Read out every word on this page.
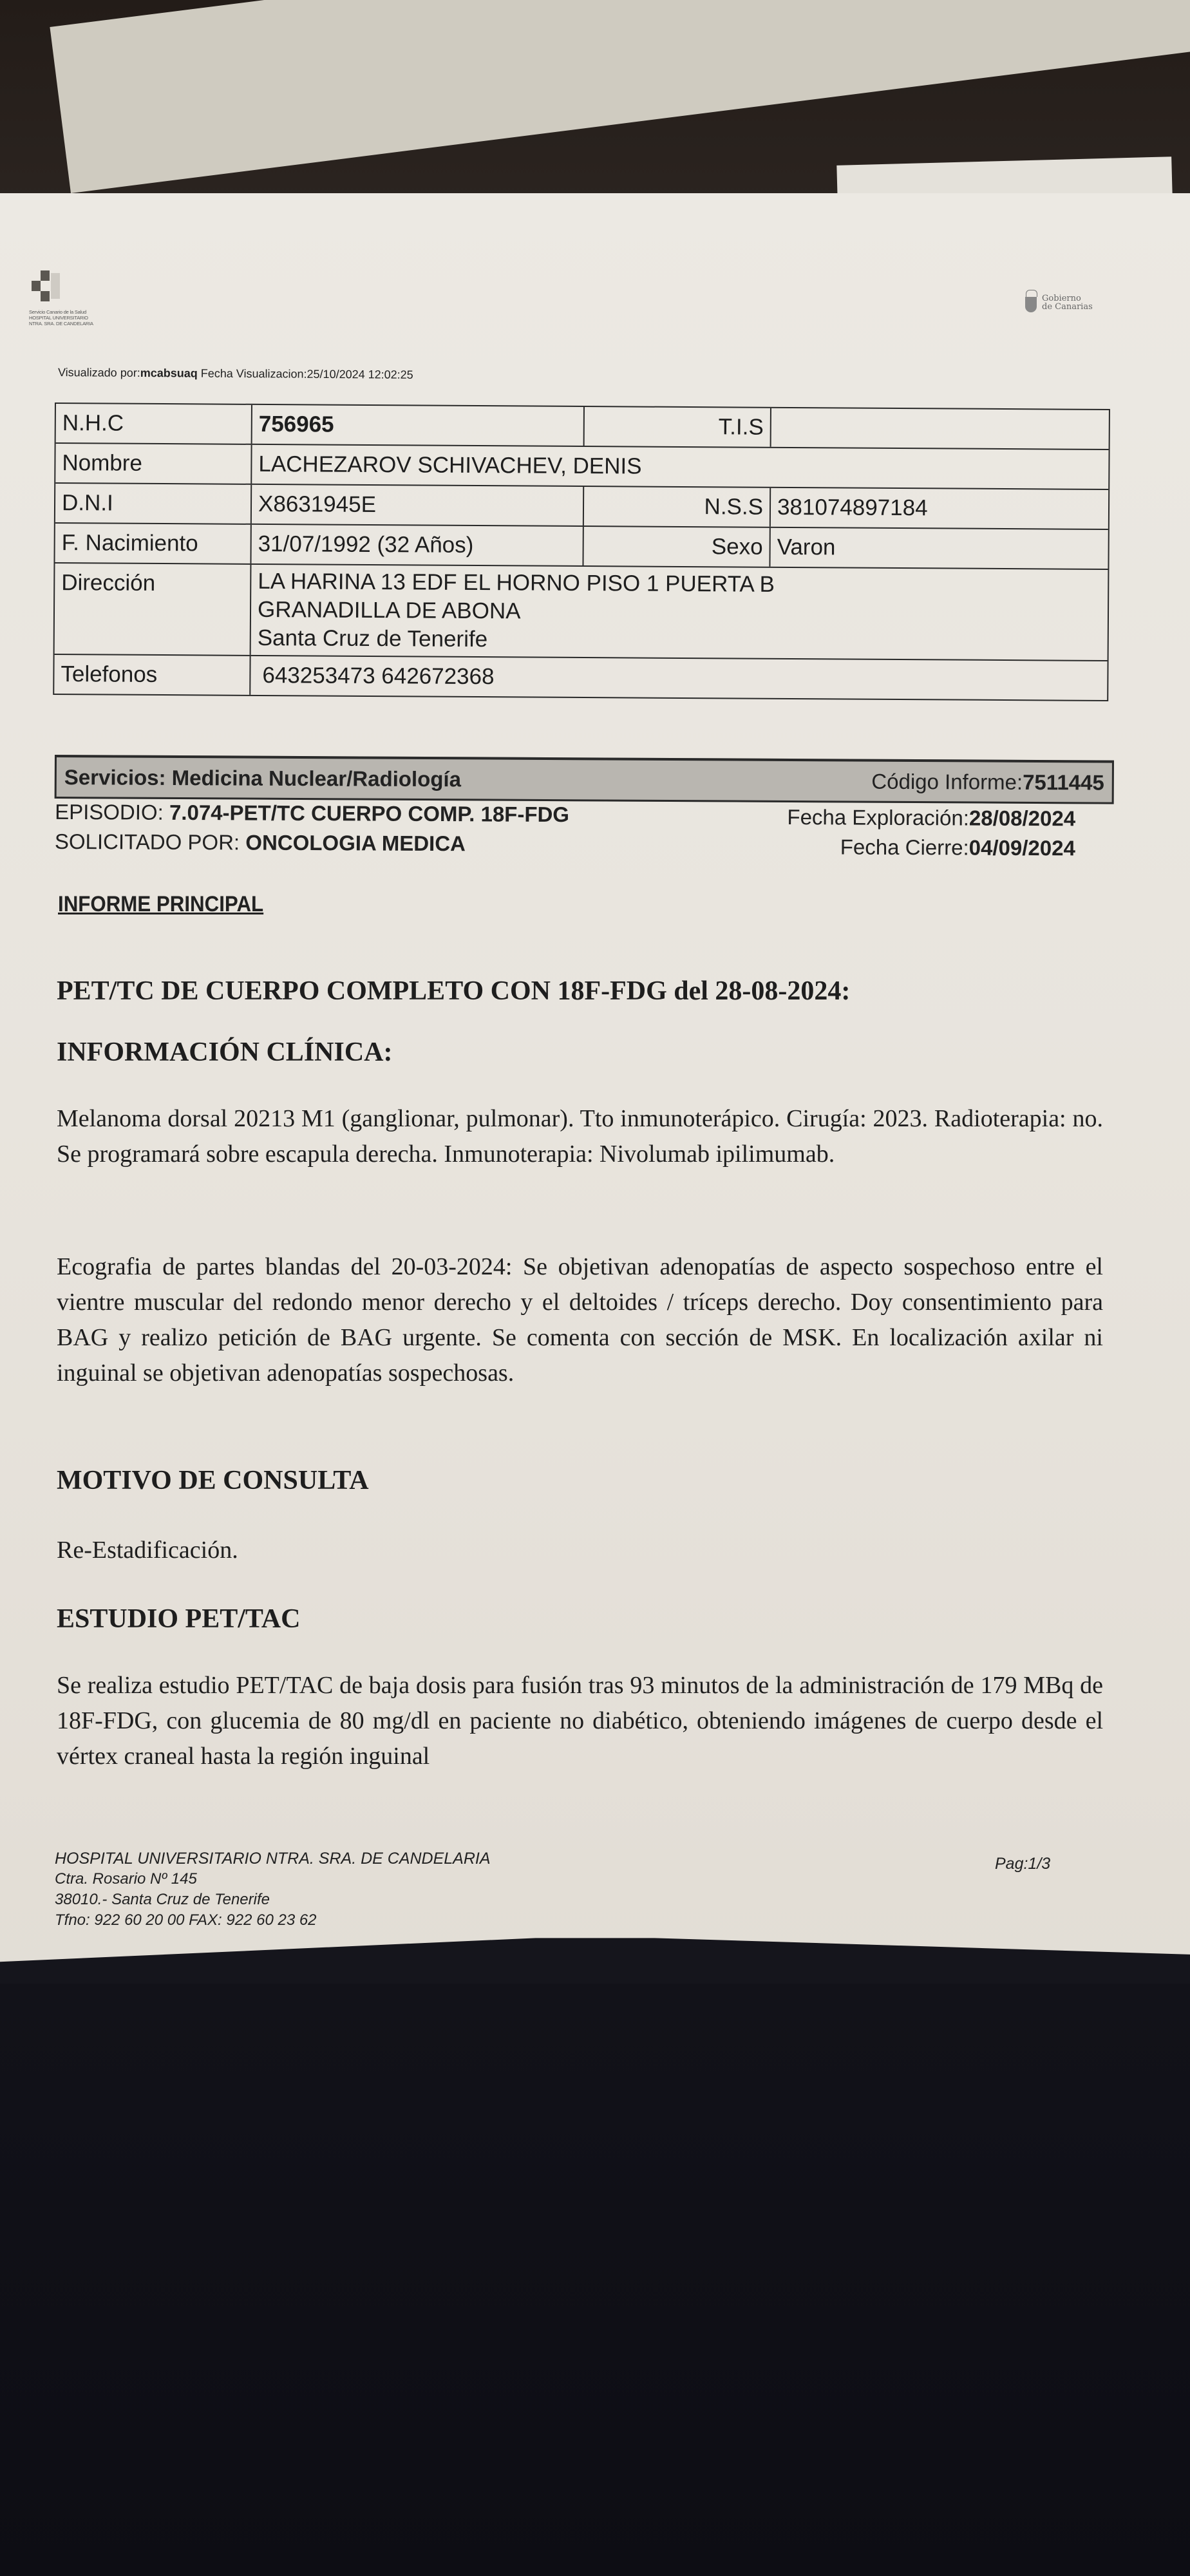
Servicio Canario de la Salud
HOSPITAL UNIVERSITARIO
NTRA. SRA. DE CANDELARIA
Gobierno
de Canarias
Visualizado por:mcabsuaq Fecha Visualizacion:25/10/2024 12:02:25
N.H.C	756965	T.I.S
Nombre	LACHEZAROV SCHIVACHEV, DENIS
D.N.I	X8631945E	N.S.S 381074897184
F. Nacimiento	31/07/1992 (32 Años)	Sexo Varon
Dirección	LA HARINA 13 EDF EL HORNO PISO 1 PUERTA B
GRANADILLA DE ABONA
Santa Cruz de Tenerife
Telefonos	643253473 642672368
Servicios: Medicina Nuclear/Radiología	Código Informe:7511445
EPISODIO: 7.074-PET/TC CUERPO COMP. 18F-FDG
SOLICITADO POR: ONCOLOGIA MEDICA
Fecha Exploración:28/08/2024
Fecha Cierre:04/09/2024
INFORME PRINCIPAL
PET/TC DE CUERPO COMPLETO CON 18F-FDG del 28-08-2024:
INFORMACIÓN CLÍNICA:
Melanoma dorsal 20213 M1 (ganglionar, pulmonar). Tto inmunoterápico. Cirugía: 2023. Radioterapia: no. Se programará sobre escapula derecha. Inmunoterapia: Nivolumab ipilimumab.
Ecografia de partes blandas del 20-03-2024: Se objetivan adenopatías de aspecto sospechoso entre el vientre muscular del redondo menor derecho y el deltoides / tríceps derecho. Doy consentimiento para BAG y realizo petición de BAG urgente. Se comenta con sección de MSK. En localización axilar ni inguinal se objetivan adenopatías sospechosas.
MOTIVO DE CONSULTA
Re-Estadificación.
ESTUDIO PET/TAC
Se realiza estudio PET/TAC de baja dosis para fusión tras 93 minutos de la administración de 179 MBq de 18F-FDG, con glucemia de 80 mg/dl en paciente no diabético, obteniendo imágenes de cuerpo desde el vértex craneal hasta la región inguinal
HOSPITAL UNIVERSITARIO NTRA. SRA. DE CANDELARIA
Ctra. Rosario Nº 145
38010.- Santa Cruz de Tenerife
Tfno: 922 60 20 00 FAX: 922 60 23 62
Pag:1/3
